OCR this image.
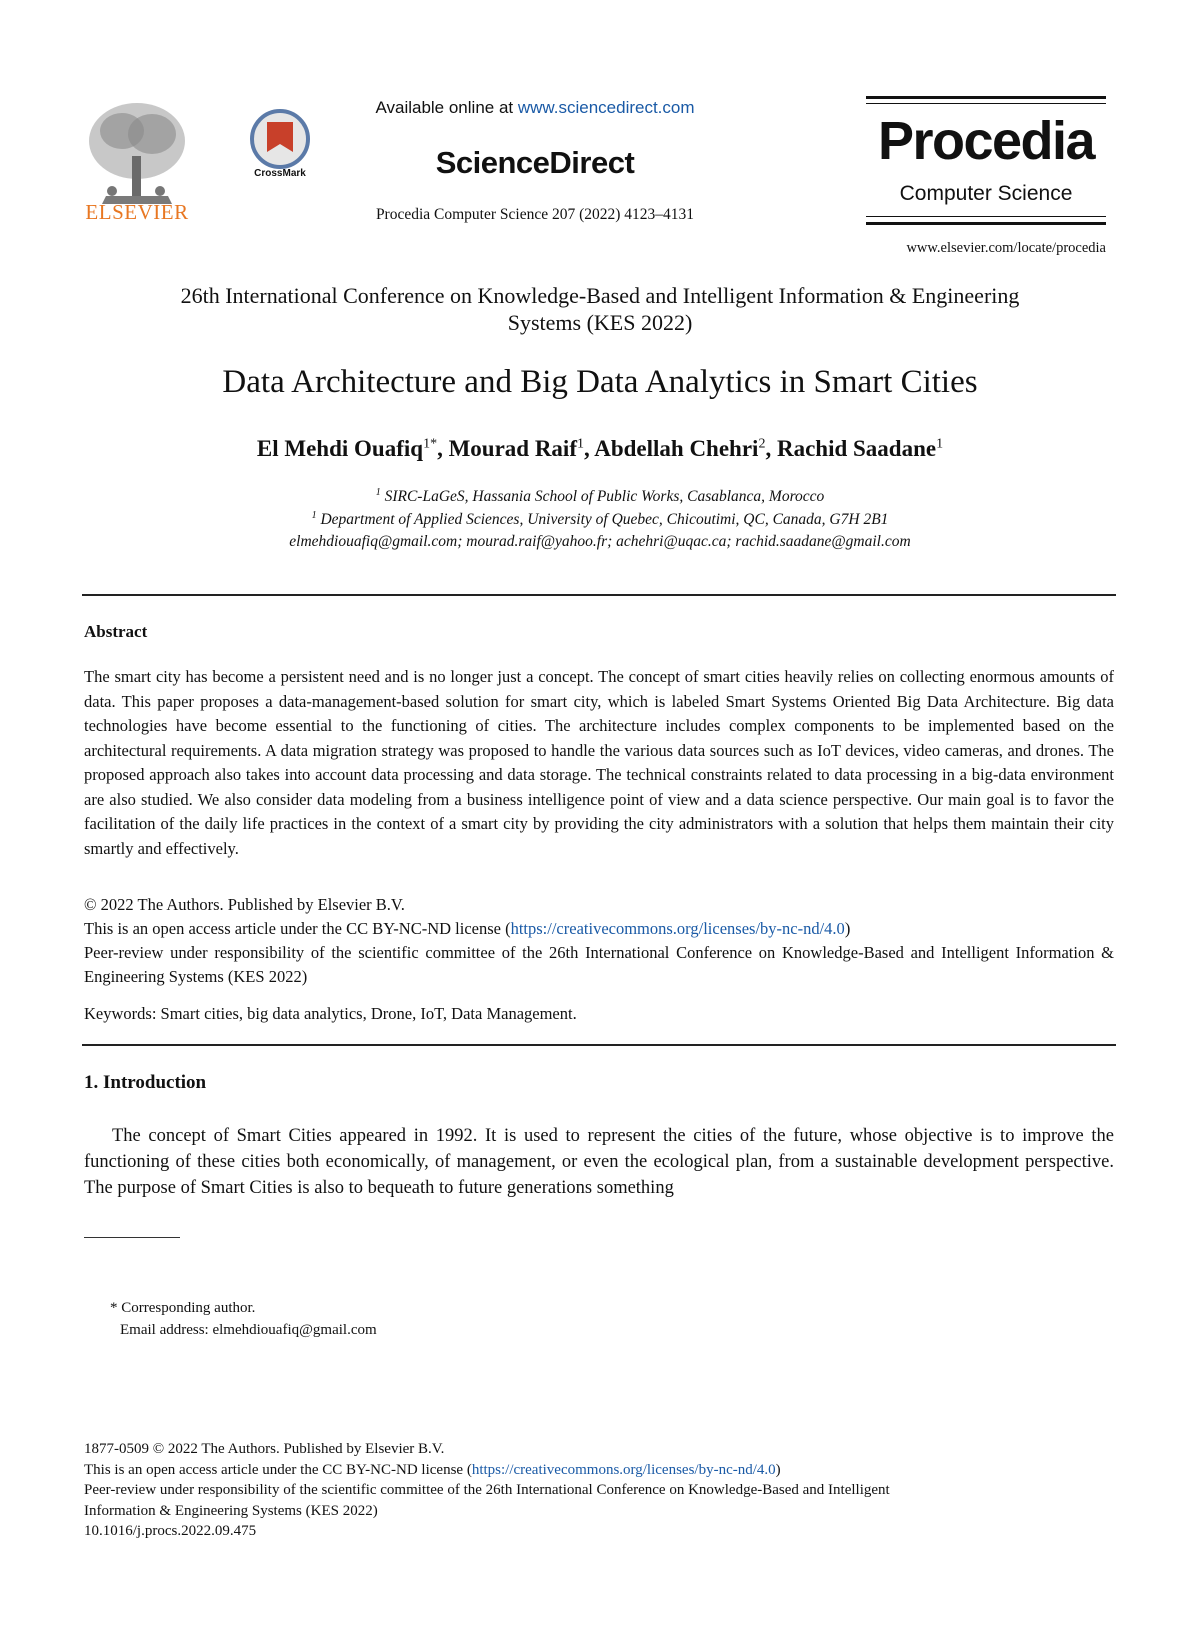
ELSEVIER
CrossMark
Available online at www.sciencedirect.com
ScienceDirect
Procedia Computer Science 207 (2022) 4123–4131
Procedia
Computer Science
www.elsevier.com/locate/procedia
26th International Conference on Knowledge-Based and Intelligent Information & Engineering
Systems (KES 2022)
Data Architecture and Big Data Analytics in Smart Cities
El Mehdi Ouafiq$^{1*}$, Mourad Raif$^1$, Abdellah Chehri$^2$, Rachid Saadane$^1$
$^1$ SIRC-LaGeS, Hassania School of Public Works, Casablanca, Morocco
$^1$ Department of Applied Sciences, University of Quebec, Chicoutimi, QC, Canada, G7H 2B1
elmehdiouafiq@gmail.com; mourad.raif@yahoo.fr; achehri@uqac.ca; rachid.saadane@gmail.com
Abstract
The smart city has become a persistent need and is no longer just a concept. The concept of smart cities heavily relies on collecting enormous amounts of data. This paper proposes a data-management-based solution for smart city, which is labeled Smart Systems Oriented Big Data Architecture. Big data technologies have become essential to the functioning of cities. The architecture includes complex components to be implemented based on the architectural requirements. A data migration strategy was proposed to handle the various data sources such as IoT devices, video cameras, and drones. The proposed approach also takes into account data processing and data storage. The technical constraints related to data processing in a big-data environment are also studied. We also consider data modeling from a business intelligence point of view and a data science perspective. Our main goal is to favor the facilitation of the daily life practices in the context of a smart city by providing the city administrators with a solution that helps them maintain their city smartly and effectively.
© 2022 The Authors. Published by Elsevier B.V.
This is an open access article under the CC BY-NC-ND license (https://creativecommons.org/licenses/by-nc-nd/4.0)
Peer-review under responsibility of the scientific committee of the 26th International Conference on Knowledge-Based and Intelligent Information & Engineering Systems (KES 2022)
Keywords: Smart cities, big data analytics, Drone, IoT, Data Management.
1. Introduction
The concept of Smart Cities appeared in 1992. It is used to represent the cities of the future, whose objective is to improve the functioning of these cities both economically, of management, or even the ecological plan, from a sustainable development perspective. The purpose of Smart Cities is also to bequeath to future generations something
* Corresponding author.
Email address: elmehdiouafiq@gmail.com
1877-0509 © 2022 The Authors. Published by Elsevier B.V.
This is an open access article under the CC BY-NC-ND license (https://creativecommons.org/licenses/by-nc-nd/4.0)
Peer-review under responsibility of the scientific committee of the 26th International Conference on Knowledge-Based and Intelligent
Information & Engineering Systems (KES 2022)
10.1016/j.procs.2022.09.475
